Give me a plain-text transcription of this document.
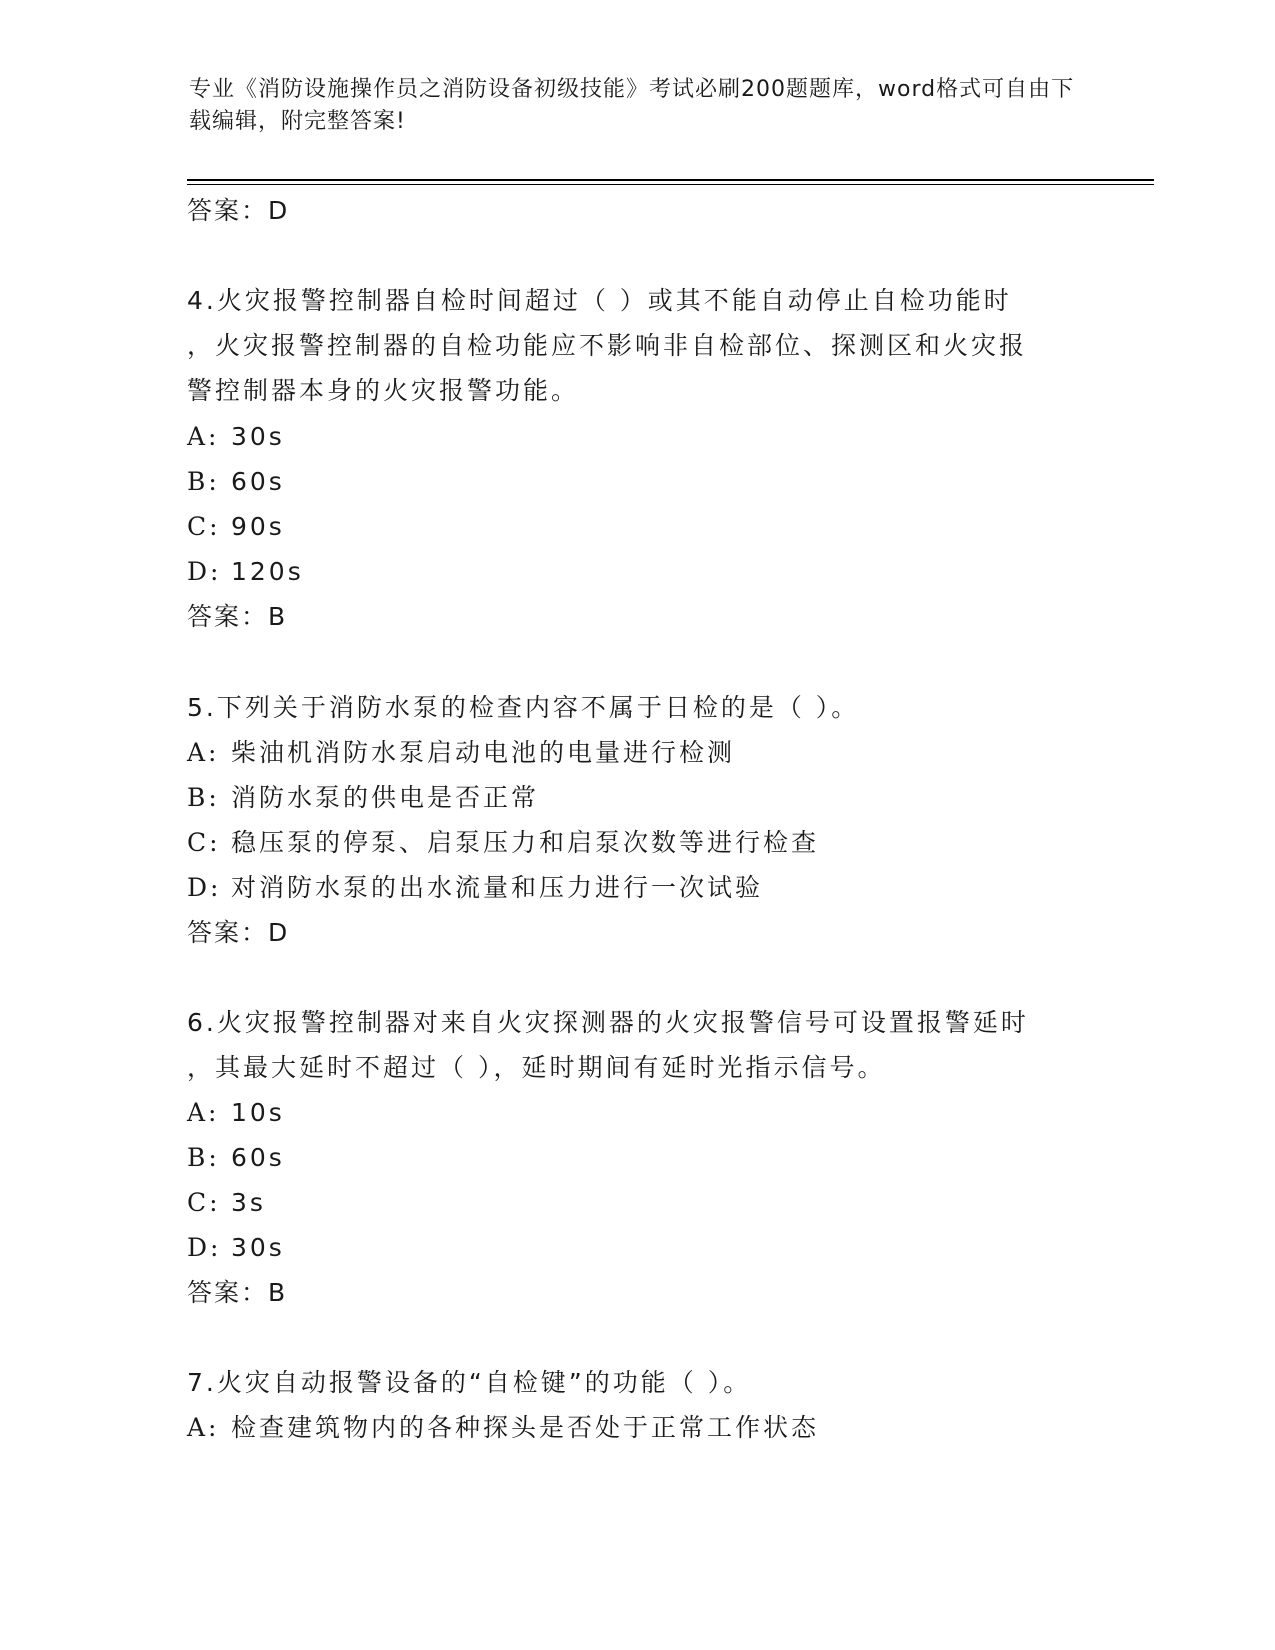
专业《消防设施操作员之消防设备初级技能》考试必刷200题题库，word格式可自由下载编辑，附完整答案!

答案：D

4.火灾报警控制器自检时间超过（ ）或其不能自动停止自检功能时

，火灾报警控制器的自检功能应不影响非自检部位、探测区和火灾报

警控制器本身的火灾报警功能。

A: 30s

B: 60s

C: 90s

D: 120s

答案：B

5.下列关于消防水泵的检查内容不属于日检的是（ ）。

A: 柴油机消防水泵启动电池的电量进行检测

B: 消防水泵的供电是否正常

C: 稳压泵的停泵、启泵压力和启泵次数等进行检查

D: 对消防水泵的出水流量和压力进行一次试验

答案：D

6.火灾报警控制器对来自火灾探测器的火灾报警信号可设置报警延时

，其最大延时不超过（ ），延时期间有延时光指示信号。

A: 10s

B: 60s

C: 3s

D: 30s

答案：B

7.火灾自动报警设备的“自检键”的功能（ ）。

A: 检查建筑物内的各种探头是否处于正常工作状态
